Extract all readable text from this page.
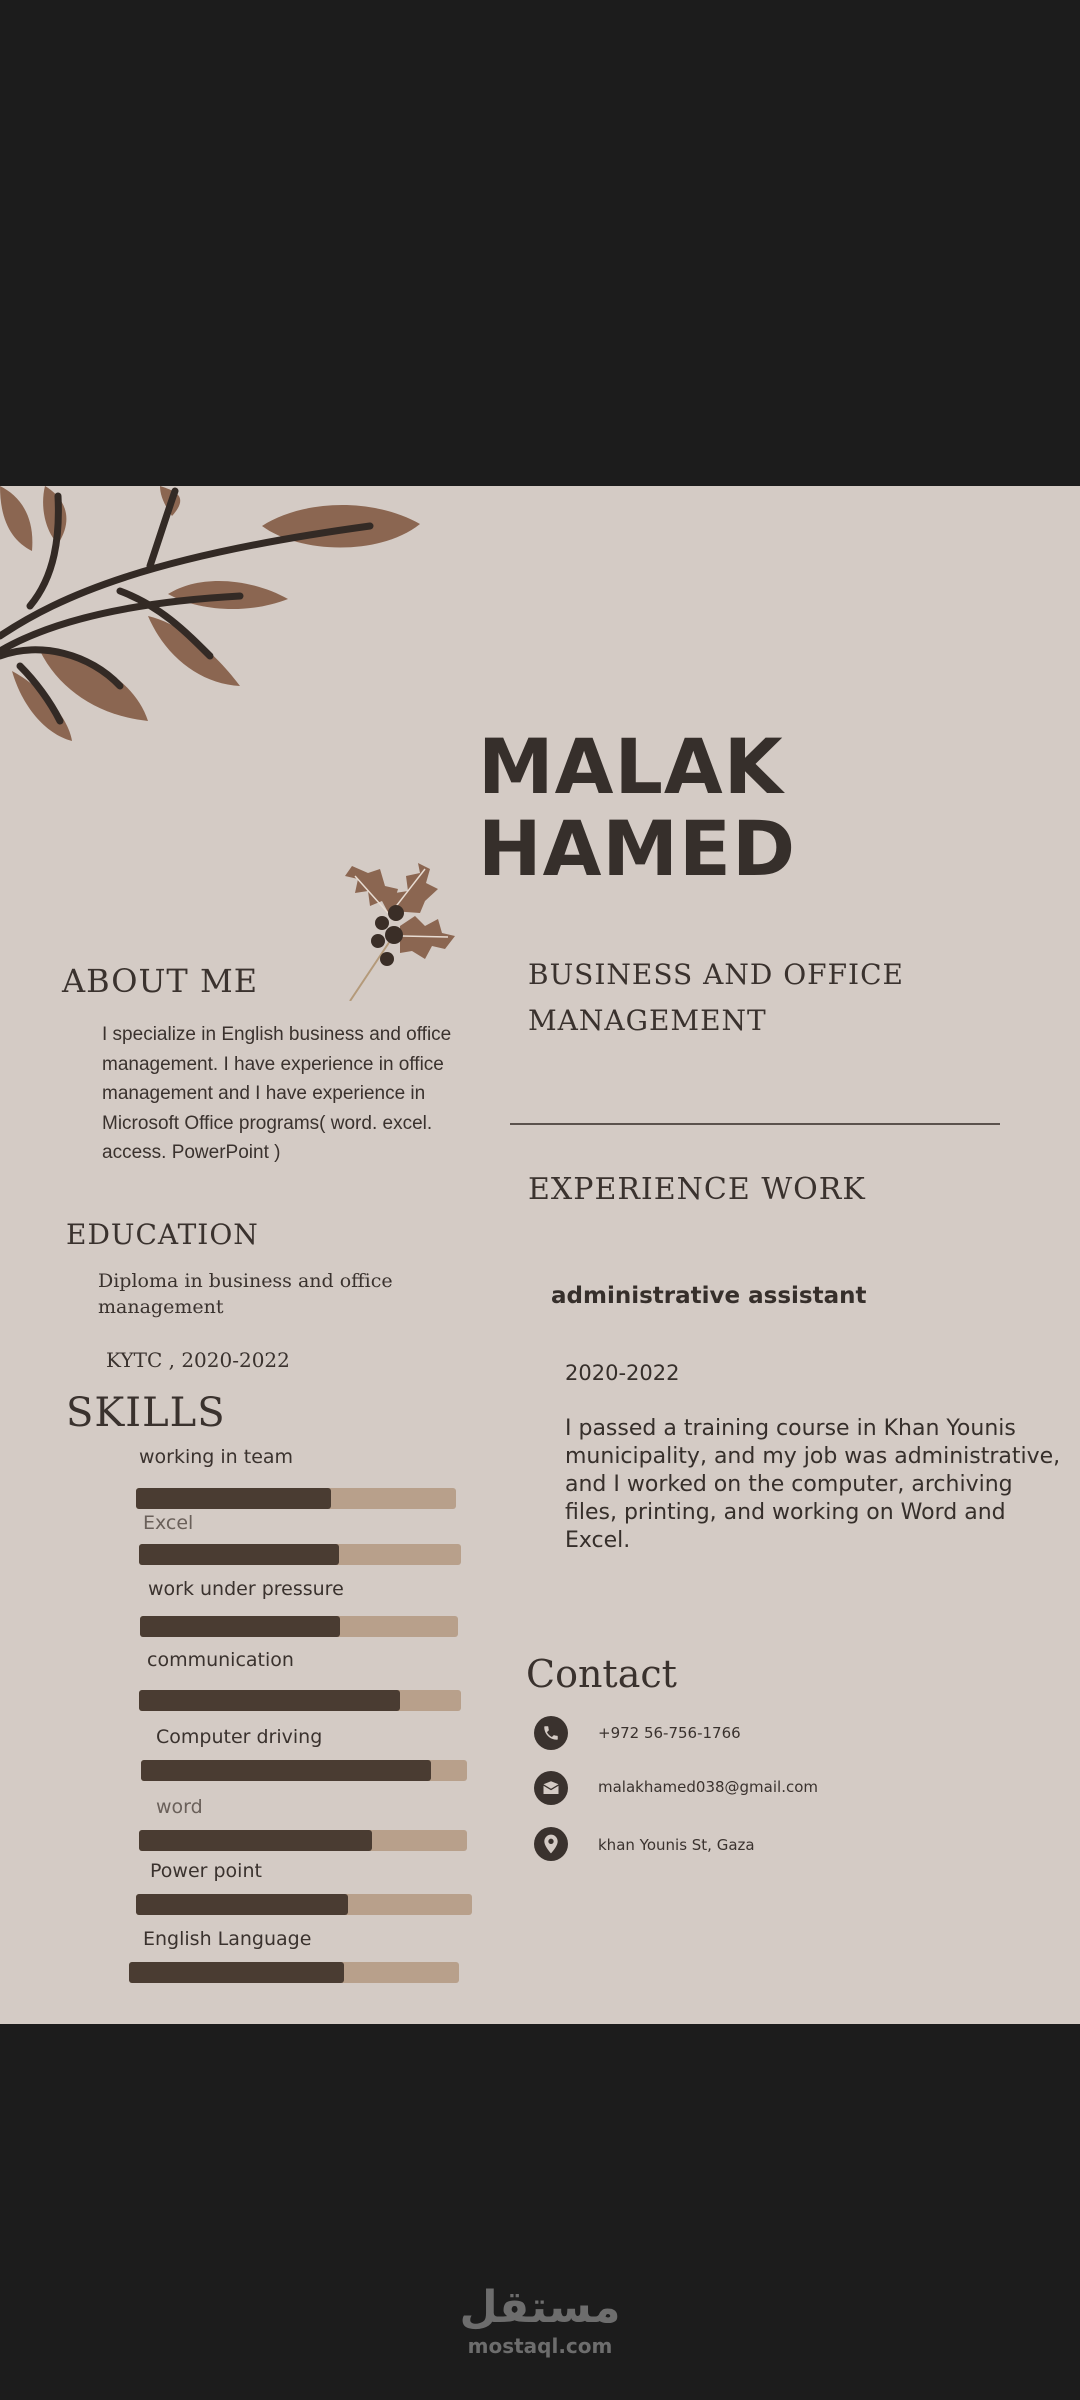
MALAK
HAMED
ABOUT ME

I specialize in English business and office management. I have experience in office management and I have experience in Microsoft Office programs( word. excel. access. PowerPoint )

EDUCATION

Diploma in business and office management

KYTC , 2020-2022

SKILLS

working in team

Excel

work under pressure

communication

Computer driving

word

Power point

English Language

BUSINESS AND OFFICE MANAGEMENT
EXPERIENCE WORK

administrative assistant

2020-2022

I passed a training course in Khan Younis municipality, and my job was administrative, and I worked on the computer, archiving files, printing, and working on Word and Excel.

Contact

+972 56-756-1766

malakhamed038@gmail.com

khan Younis St, Gaza

مستقل

mostaql.com
